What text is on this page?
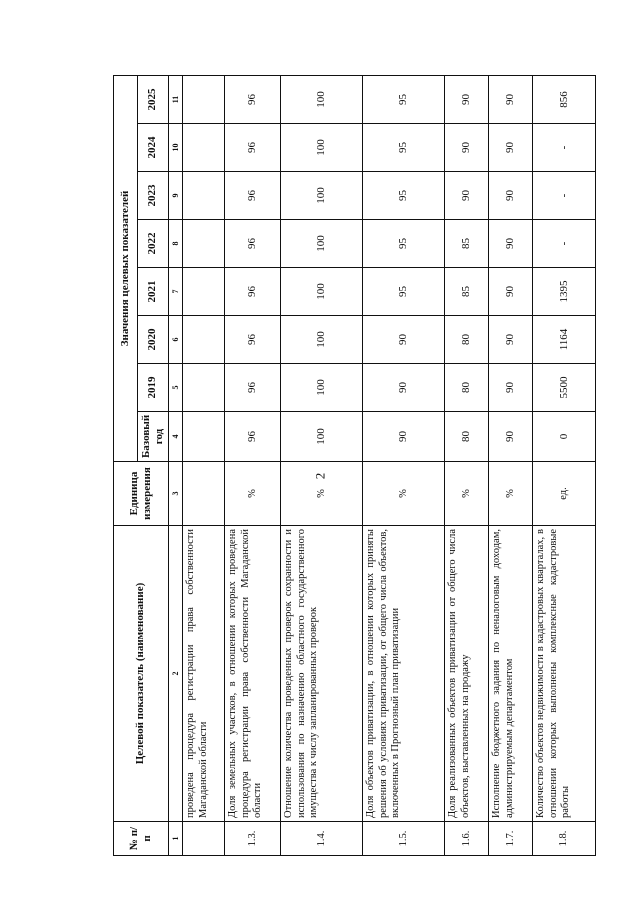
2
№ п/п	Целевой показатель (наименование)	Единица измерения	Значения целевых показателей							
			Базовый год	2019	2020	2021	2022	2023	2024	2025
1	2	3	4	5	6	7	8	9	10	11
	проведена процедура регистрации права собственности Магаданской области									
1.3.	Доля земельных участков, в отношении которых проведена процедура регистрации права собственности Магаданской области	%	96	96	96	96	96	96	96	96
1.4.	Отношение количества проведенных проверок сохранности и использования по назначению областного государственного имущества к числу запланированных проверок	%	100	100	100	100	100	100	100	100
1.5.	Доля объектов приватизации, в отношении которых приняты решения об условиях приватизации, от общего числа объектов, включенных в Прогнозный план приватизации	%	90	90	90	95	95	95	95	95
1.6.	Доля реализованных объектов приватизации от общего числа объектов, выставленных на продажу	%	80	80	80	85	85	90	90	90
1.7.	Исполнение бюджетного задания по неналоговым доходам, администрируемым департаментом	%	90	90	90	90	90	90	90	90
1.8.	Количество объектов недвижимости в кадастровых кварталах, в отношении которых выполнены комплексные кадастровые работы	ед.	0	5500	1164	1395	-	-	-	856
